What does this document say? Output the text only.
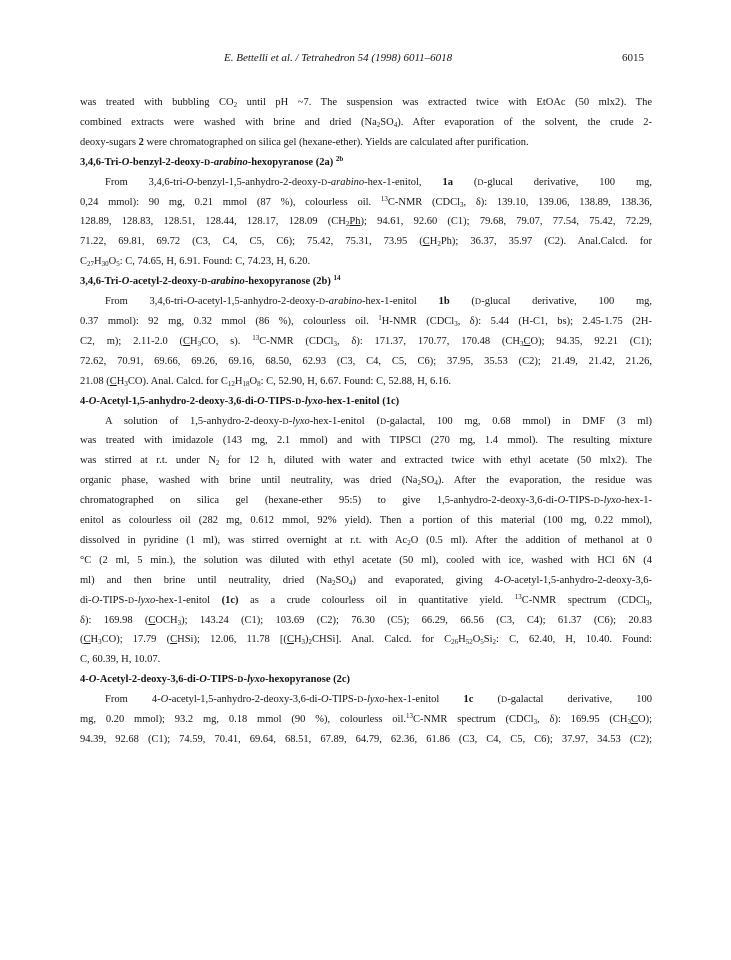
E. Bettelli et al. / Tetrahedron 54 (1998) 6011–6018	6015
was treated with bubbling $CO_2$ until pH ~7. The suspension was extracted twice with EtOAc (50 mlx2). The
combined extracts were washed with brine and dried $(Na_2SO_4)$. After evaporation of the solvent, the crude 2-
deoxy-sugars 2 were chromatographed on silica gel (hexane-ether). Yields are calculated after purification.
3,4,6-Tri-O-benzyl-2-deoxy-D-arabino-hexopyranose (2a) $^{2b}$
From 3,4,6-tri-O-benzyl-1,5-anhydro-2-deoxy-D-arabino-hex-1-enitol, 1a (D-glucal derivative, 100 mg,
0,24 mmol): 90 mg, 0.21 mmol (87 %), colourless oil. $^{13}$C-NMR (CDCl$_3$, δ): 139.10, 139.06, 138.89, 138.36,
128.89, 128.83, 128.51, 128.44, 128.17, 128.09 $(CH_2Ph)$; 94.61, 92.60 (C1); 79.68, 79.07, 77.54, 75.42, 72.29,
71.22, 69.81, 69.72 (C3, C4, C5, C6); 75.42, 75.31, 73.95 $(CH_2Ph)$; 36.37, 35.97 (C2). Anal.Calcd. for
$C_{27}H_{30}O_5$: C, 74.65, H, 6.91. Found: C, 74.23, H, 6.20.
3,4,6-Tri-O-acetyl-2-deoxy-D-arabino-hexopyranose (2b) $^{14}$
From 3,4,6-tri-O-acetyl-1,5-anhydro-2-deoxy-D-arabino-hex-1-enitol 1b (D-glucal derivative, 100 mg,
0.37 mmol): 92 mg, 0.32 mmol (86 %), colourless oil. $^1$H-NMR (CDCl$_3$, δ): 5.44 (H-C1, bs); 2.45-1.75 (2H-
C2, m); 2.11-2.0 ($CH_3CO$, s). $^{13}$C-NMR (CDCl$_3$, δ): 171.37, 170.77, 170.48 $(CH_3CO)$; 94.35, 92.21 (C1);
72.62, 70.91, 69.66, 69.26, 69.16, 68.50, 62.93 (C3, C4, C5, C6); 37.95, 35.53 (C2); 21.49, 21.42, 21.26,
21.08 $(CH_3CO)$. Anal. Calcd. for $C_{12}H_{18}O_8$: C, 52.90, H, 6.67. Found: C, 52.88, H, 6.16.
4-O-Acetyl-1,5-anhydro-2-deoxy-3,6-di-O-TIPS-D-lyxo-hex-1-enitol (1c)
A solution of 1,5-anhydro-2-deoxy-D-lyxo-hex-1-enitol (D-galactal, 100 mg, 0.68 mmol) in DMF (3 ml)
was treated with imidazole (143 mg, 2.1 mmol) and with TIPSCl (270 mg, 1.4 mmol). The resulting mixture
was stirred at r.t. under $N_2$ for 12 h, diluted with water and extracted twice with ethyl acetate (50 mlx2). The
organic phase, washed with brine until neutrality, was dried $(Na_2SO_4)$. After the evaporation, the residue was
chromatographed on silica gel (hexane-ether 95:5) to give 1,5-anhydro-2-deoxy-3,6-di-O-TIPS-D-lyxo-hex-1-
enitol as colourless oil (282 mg, 0.612 mmol, 92% yield). Then a portion of this material (100 mg, 0.22 mmol),
dissolved in pyridine (1 ml), was stirred overnight at r.t. with $Ac_2O$ (0.5 ml). After the addition of methanol at 0
°C (2 ml, 5 min.), the solution was diluted with ethyl acetate (50 ml), cooled with ice, washed with HCl 6N (4
ml) and then brine until neutrality, dried $(Na_2SO_4)$ and evaporated, giving 4-O-acetyl-1,5-anhydro-2-deoxy-3,6-
di-O-TIPS-D-lyxo-hex-1-enitol (1c) as a crude colourless oil in quantitative yield. $^{13}$C-NMR spectrum (CDCl$_3$,
δ): 169.98 $(COCH_3)$; 143.24 (C1); 103.69 (C2); 76.30 (C5); 66.29, 66.56 (C3, C4); 61.37 (C6); 20.83
$(CH_3CO)$; 17.79 (CHSi); 12.06, 11.78 $[(CH_3)_2CHSi]$. Anal. Calcd. for $C_{26}H_{52}O_5Si_2$: C, 62.40, H, 10.40. Found:
C, 60.39, H, 10.07.
4-O-Acetyl-2-deoxy-3,6-di-O-TIPS-D-lyxo-hexopyranose (2c)
From 4-O-acetyl-1,5-anhydro-2-deoxy-3,6-di-O-TIPS-D-lyxo-hex-1-enitol 1c (D-galactal derivative, 100
mg, 0.20 mmol); 93.2 mg, 0.18 mmol (90 %), colourless oil.$^{13}$C-NMR spectrum (CDCl$_3$, δ): 169.95 $(CH_3CO)$;
94.39, 92.68 (C1); 74.59, 70.41, 69.64, 68.51, 67.89, 64.79, 62.36, 61.86 (C3, C4, C5, C6); 37.97, 34.53 (C2);
